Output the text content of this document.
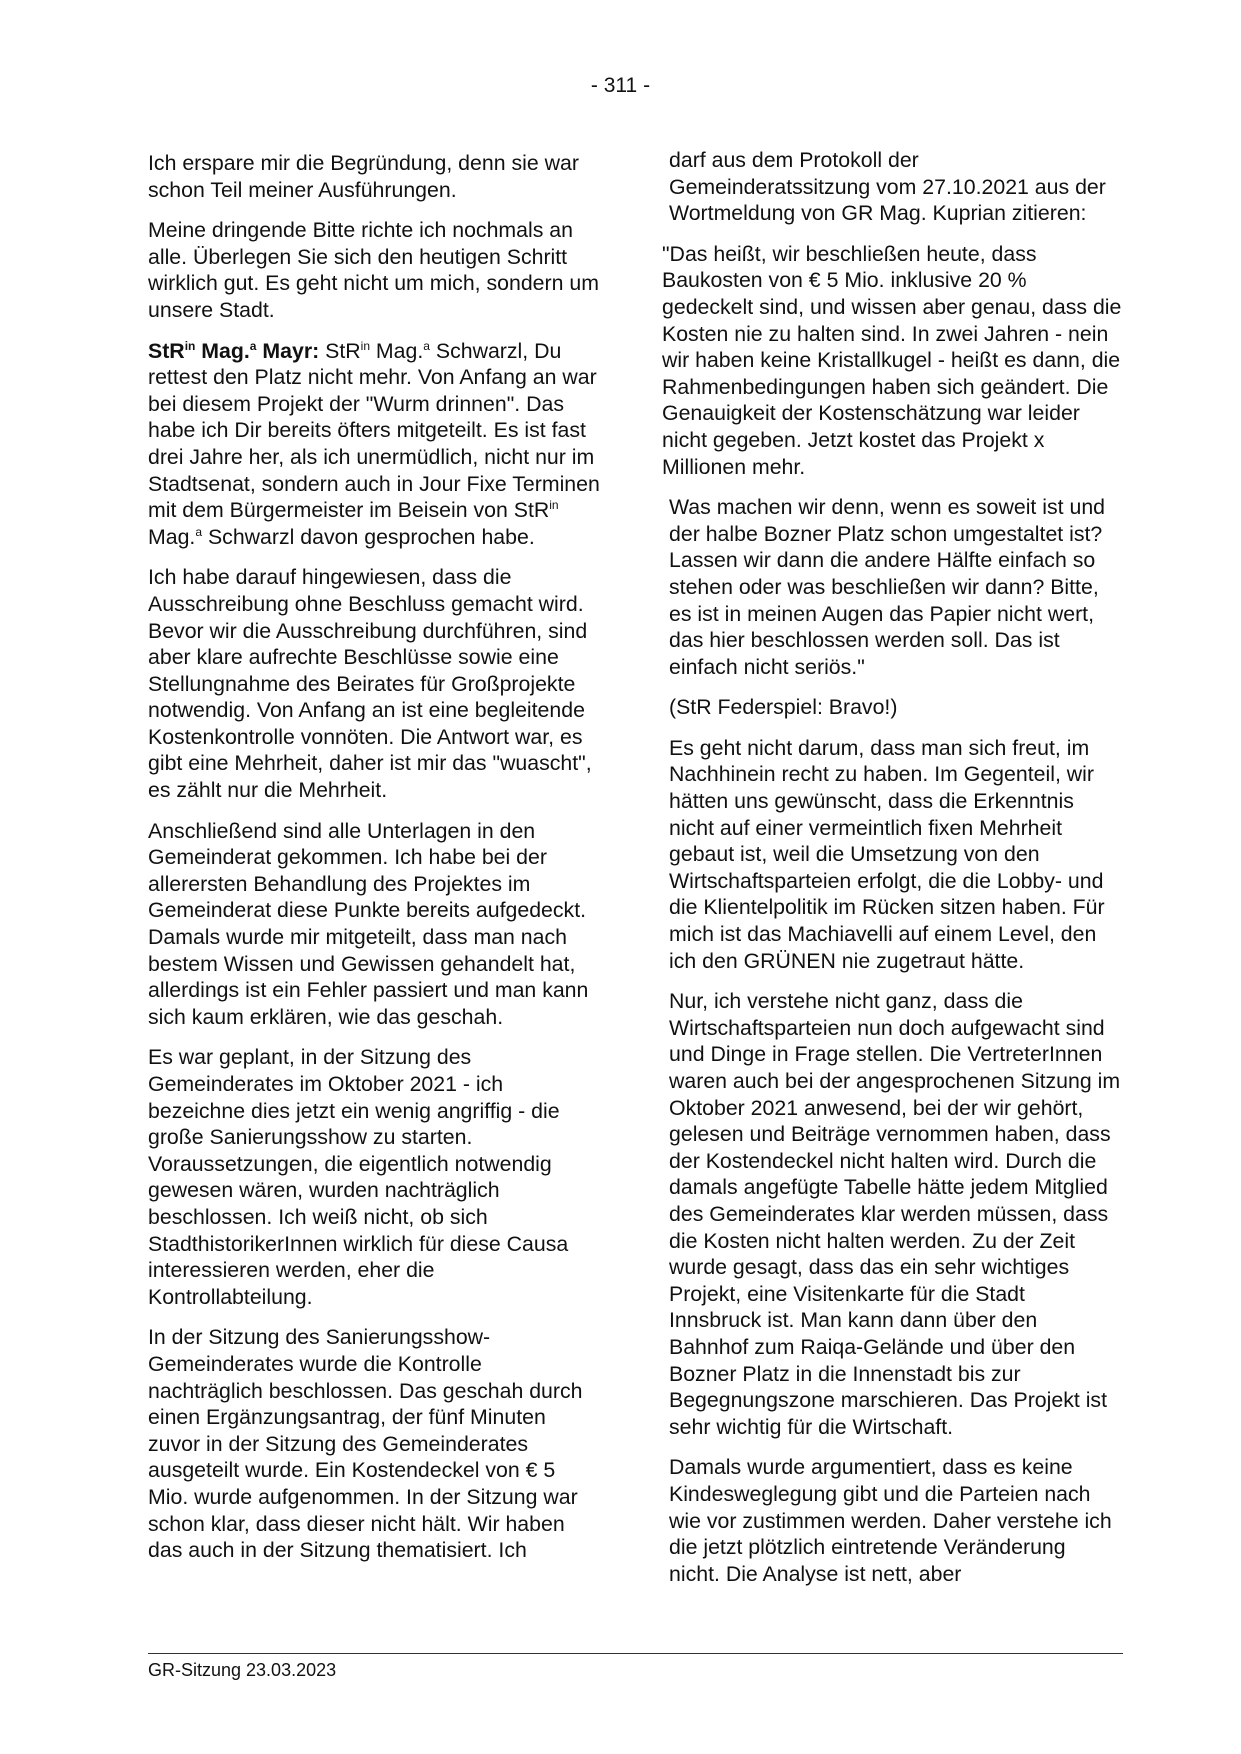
- 311 -

Ich erspare mir die Begründung, denn sie war schon Teil meiner Ausführungen.

Meine dringende Bitte richte ich nochmals an alle. Überlegen Sie sich den heutigen Schritt wirklich gut. Es geht nicht um mich, sondern um unsere Stadt.

StR$^{in}$ Mag.$^a$ Mayr: StR$^{in}$ Mag.$^a$ Schwarzl, Du rettest den Platz nicht mehr. Von Anfang an war bei diesem Projekt der "Wurm drinnen". Das habe ich Dir bereits öfters mitgeteilt. Es ist fast drei Jahre her, als ich unermüdlich, nicht nur im Stadtsenat, sondern auch in Jour Fixe Terminen mit dem Bürgermeister im Beisein von StR$^{in}$ Mag.$^a$ Schwarzl davon gesprochen habe.

Ich habe darauf hingewiesen, dass die Ausschreibung ohne Beschluss gemacht wird. Bevor wir die Ausschreibung durchführen, sind aber klare aufrechte Beschlüsse sowie eine Stellungnahme des Beirates für Großprojekte notwendig. Von Anfang an ist eine begleitende Kostenkontrolle vonnöten. Die Antwort war, es gibt eine Mehrheit, daher ist mir das "wuascht", es zählt nur die Mehrheit.

Anschließend sind alle Unterlagen in den Gemeinderat gekommen. Ich habe bei der allerersten Behandlung des Projektes im Gemeinderat diese Punkte bereits aufgedeckt. Damals wurde mir mitgeteilt, dass man nach bestem Wissen und Gewissen gehandelt hat, allerdings ist ein Fehler passiert und man kann sich kaum erklären, wie das geschah.

Es war geplant, in der Sitzung des Gemeinderates im Oktober 2021 - ich bezeichne dies jetzt ein wenig angriffig - die große Sanierungsshow zu starten. Voraussetzungen, die eigentlich notwendig gewesen wären, wurden nachträglich beschlossen. Ich weiß nicht, ob sich StadthistorikerInnen wirklich für diese Causa interessieren werden, eher die Kontrollabteilung.

In der Sitzung des Sanierungsshow-Gemeinderates wurde die Kontrolle nachträglich beschlossen. Das geschah durch einen Ergänzungsantrag, der fünf Minuten zuvor in der Sitzung des Gemeinderates ausgeteilt wurde. Ein Kostendeckel von € 5 Mio. wurde aufgenommen. In der Sitzung war schon klar, dass dieser nicht hält. Wir haben das auch in der Sitzung thematisiert. Ich

darf aus dem Protokoll der Gemeinderatssitzung vom 27.10.2021 aus der Wortmeldung von GR Mag. Kuprian zitieren:

"Das heißt, wir beschließen heute, dass Baukosten von € 5 Mio. inklusive 20 % gedeckelt sind, und wissen aber genau, dass die Kosten nie zu halten sind. In zwei Jahren - nein wir haben keine Kristallkugel - heißt es dann, die Rahmenbedingungen haben sich geändert. Die Genauigkeit der Kostenschätzung war leider nicht gegeben. Jetzt kostet das Projekt x Millionen mehr.

Was machen wir denn, wenn es soweit ist und der halbe Bozner Platz schon umgestaltet ist? Lassen wir dann die andere Hälfte einfach so stehen oder was beschließen wir dann? Bitte, es ist in meinen Augen das Papier nicht wert, das hier beschlossen werden soll. Das ist einfach nicht seriös."

(StR Federspiel: Bravo!)

Es geht nicht darum, dass man sich freut, im Nachhinein recht zu haben. Im Gegenteil, wir hätten uns gewünscht, dass die Erkenntnis nicht auf einer vermeintlich fixen Mehrheit gebaut ist, weil die Umsetzung von den Wirtschaftsparteien erfolgt, die die Lobby- und die Klientelpolitik im Rücken sitzen haben. Für mich ist das Machiavelli auf einem Level, den ich den GRÜNEN nie zugetraut hätte.

Nur, ich verstehe nicht ganz, dass die Wirtschaftsparteien nun doch aufgewacht sind und Dinge in Frage stellen. Die VertreterInnen waren auch bei der angesprochenen Sitzung im Oktober 2021 anwesend, bei der wir gehört, gelesen und Beiträge vernommen haben, dass der Kostendeckel nicht halten wird. Durch die damals angefügte Tabelle hätte jedem Mitglied des Gemeinderates klar werden müssen, dass die Kosten nicht halten werden. Zu der Zeit wurde gesagt, dass das ein sehr wichtiges Projekt, eine Visitenkarte für die Stadt Innsbruck ist. Man kann dann über den Bahnhof zum Raiqa-Gelände und über den Bozner Platz in die Innenstadt bis zur Begegnungszone marschieren. Das Projekt ist sehr wichtig für die Wirtschaft.

Damals wurde argumentiert, dass es keine Kindesweglegung gibt und die Parteien nach wie vor zustimmen werden. Daher verstehe ich die jetzt plötzlich eintretende Veränderung nicht. Die Analyse ist nett, aber

GR-Sitzung 23.03.2023
